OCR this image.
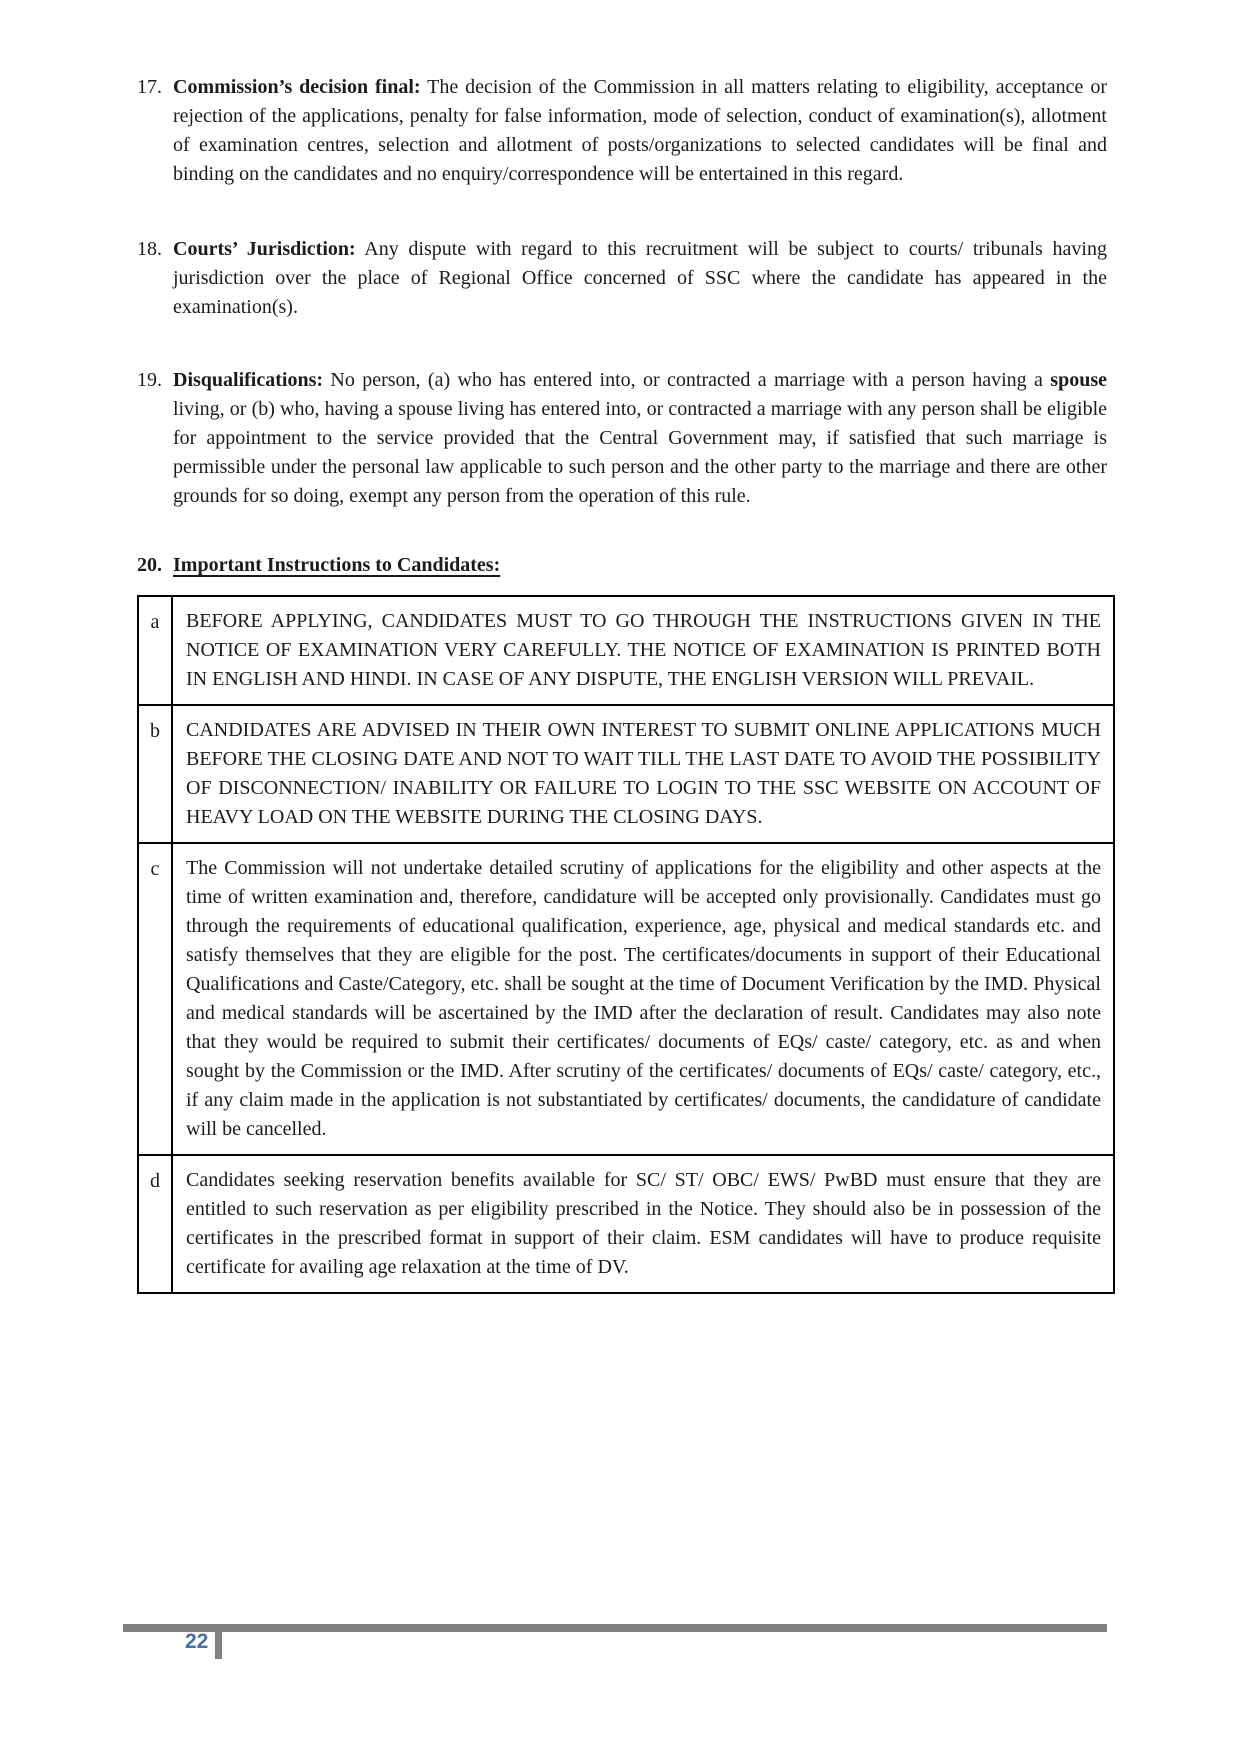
17. Commission’s decision final: The decision of the Commission in all matters relating to eligibility, acceptance or rejection of the applications, penalty for false information, mode of selection, conduct of examination(s), allotment of examination centres, selection and allotment of posts/organizations to selected candidates will be final and binding on the candidates and no enquiry/correspondence will be entertained in this regard.
18. Courts’ Jurisdiction: Any dispute with regard to this recruitment will be subject to courts/ tribunals having jurisdiction over the place of Regional Office concerned of SSC where the candidate has appeared in the examination(s).
19. Disqualifications: No person, (a) who has entered into, or contracted a marriage with a person having a spouse living, or (b) who, having a spouse living has entered into, or contracted a marriage with any person shall be eligible for appointment to the service provided that the Central Government may, if satisfied that such marriage is permissible under the personal law applicable to such person and the other party to the marriage and there are other grounds for so doing, exempt any person from the operation of this rule.
20. Important Instructions to Candidates:
a	BEFORE APPLYING, CANDIDATES MUST TO GO THROUGH THE INSTRUCTIONS GIVEN IN THE NOTICE OF EXAMINATION VERY CAREFULLY. THE NOTICE OF EXAMINATION IS PRINTED BOTH IN ENGLISH AND HINDI. IN CASE OF ANY DISPUTE, THE ENGLISH VERSION WILL PREVAIL.
b	CANDIDATES ARE ADVISED IN THEIR OWN INTEREST TO SUBMIT ONLINE APPLICATIONS MUCH BEFORE THE CLOSING DATE AND NOT TO WAIT TILL THE LAST DATE TO AVOID THE POSSIBILITY OF DISCONNECTION/ INABILITY OR FAILURE TO LOGIN TO THE SSC WEBSITE ON ACCOUNT OF HEAVY LOAD ON THE WEBSITE DURING THE CLOSING DAYS.
c	The Commission will not undertake detailed scrutiny of applications for the eligibility and other aspects at the time of written examination and, therefore, candidature will be accepted only provisionally. Candidates must go through the requirements of educational qualification, experience, age, physical and medical standards etc. and satisfy themselves that they are eligible for the post. The certificates/documents in support of their Educational Qualifications and Caste/Category, etc. shall be sought at the time of Document Verification by the IMD. Physical and medical standards will be ascertained by the IMD after the declaration of result. Candidates may also note that they would be required to submit their certificates/ documents of EQs/ caste/ category, etc. as and when sought by the Commission or the IMD. After scrutiny of the certificates/ documents of EQs/ caste/ category, etc., if any claim made in the application is not substantiated by certificates/ documents, the candidature of candidate will be cancelled.
d	Candidates seeking reservation benefits available for SC/ ST/ OBC/ EWS/ PwBD must ensure that they are entitled to such reservation as per eligibility prescribed in the Notice. They should also be in possession of the certificates in the prescribed format in support of their claim. ESM candidates will have to produce requisite certificate for availing age relaxation at the time of DV.
22
